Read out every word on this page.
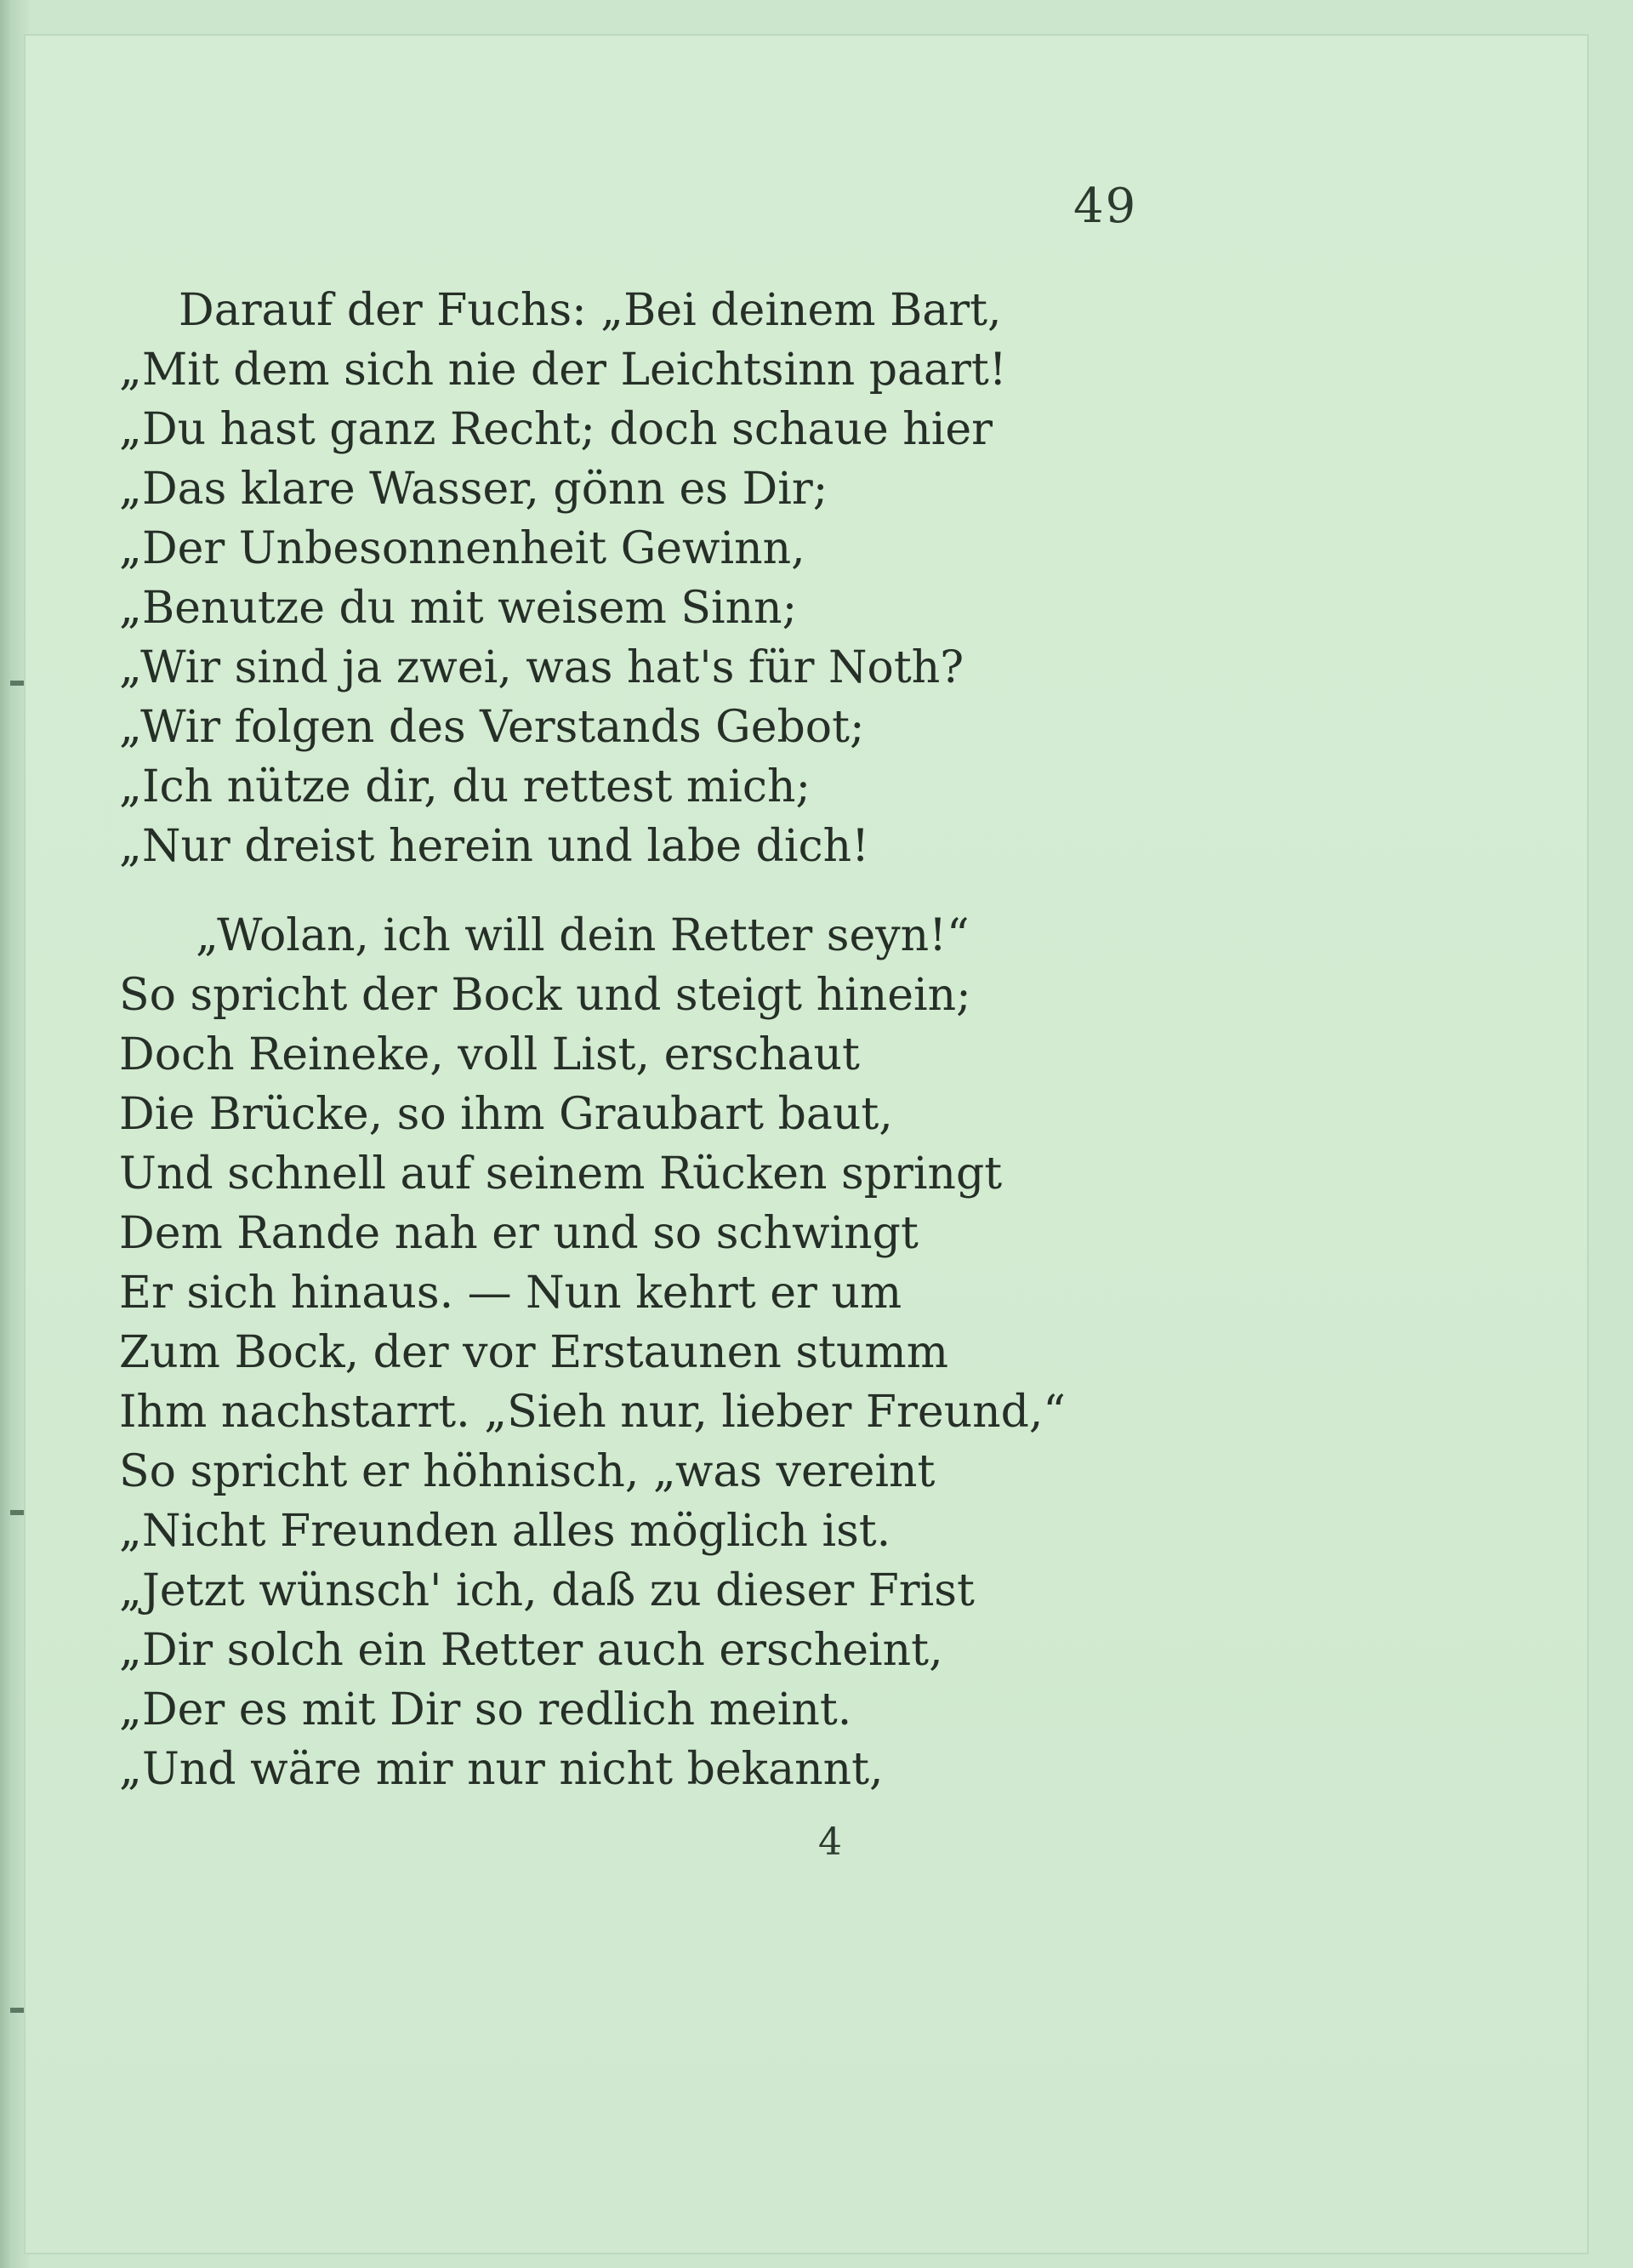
49
Darauf der Fuchs: „Bei deinem Bart,
„Mit dem sich nie der Leichtsinn paart!
„Du hast ganz Recht; doch schaue hier
„Das klare Wasser, gönn es Dir;
„Der Unbesonnenheit Gewinn,
„Benutze du mit weisem Sinn;
„Wir sind ja zwei, was hat's für Noth?
„Wir folgen des Verstands Gebot;
„Ich nütze dir, du rettest mich;
„Nur dreist herein und labe dich!
„Wolan, ich will dein Retter seyn!“
So spricht der Bock und steigt hinein;
Doch Reineke, voll List, erschaut
Die Brücke, so ihm Graubart baut,
Und schnell auf seinem Rücken springt
Dem Rande nah er und so schwingt
Er sich hinaus. — Nun kehrt er um
Zum Bock, der vor Erstaunen stumm
Ihm nachstarrt. „Sieh nur, lieber Freund,“
So spricht er höhnisch, „was vereint
„Nicht Freunden alles möglich ist.
„Jetzt wünsch' ich, daß zu dieser Frist
„Dir solch ein Retter auch erscheint,
„Der es mit Dir so redlich meint.
„Und wäre mir nur nicht bekannt,
4
